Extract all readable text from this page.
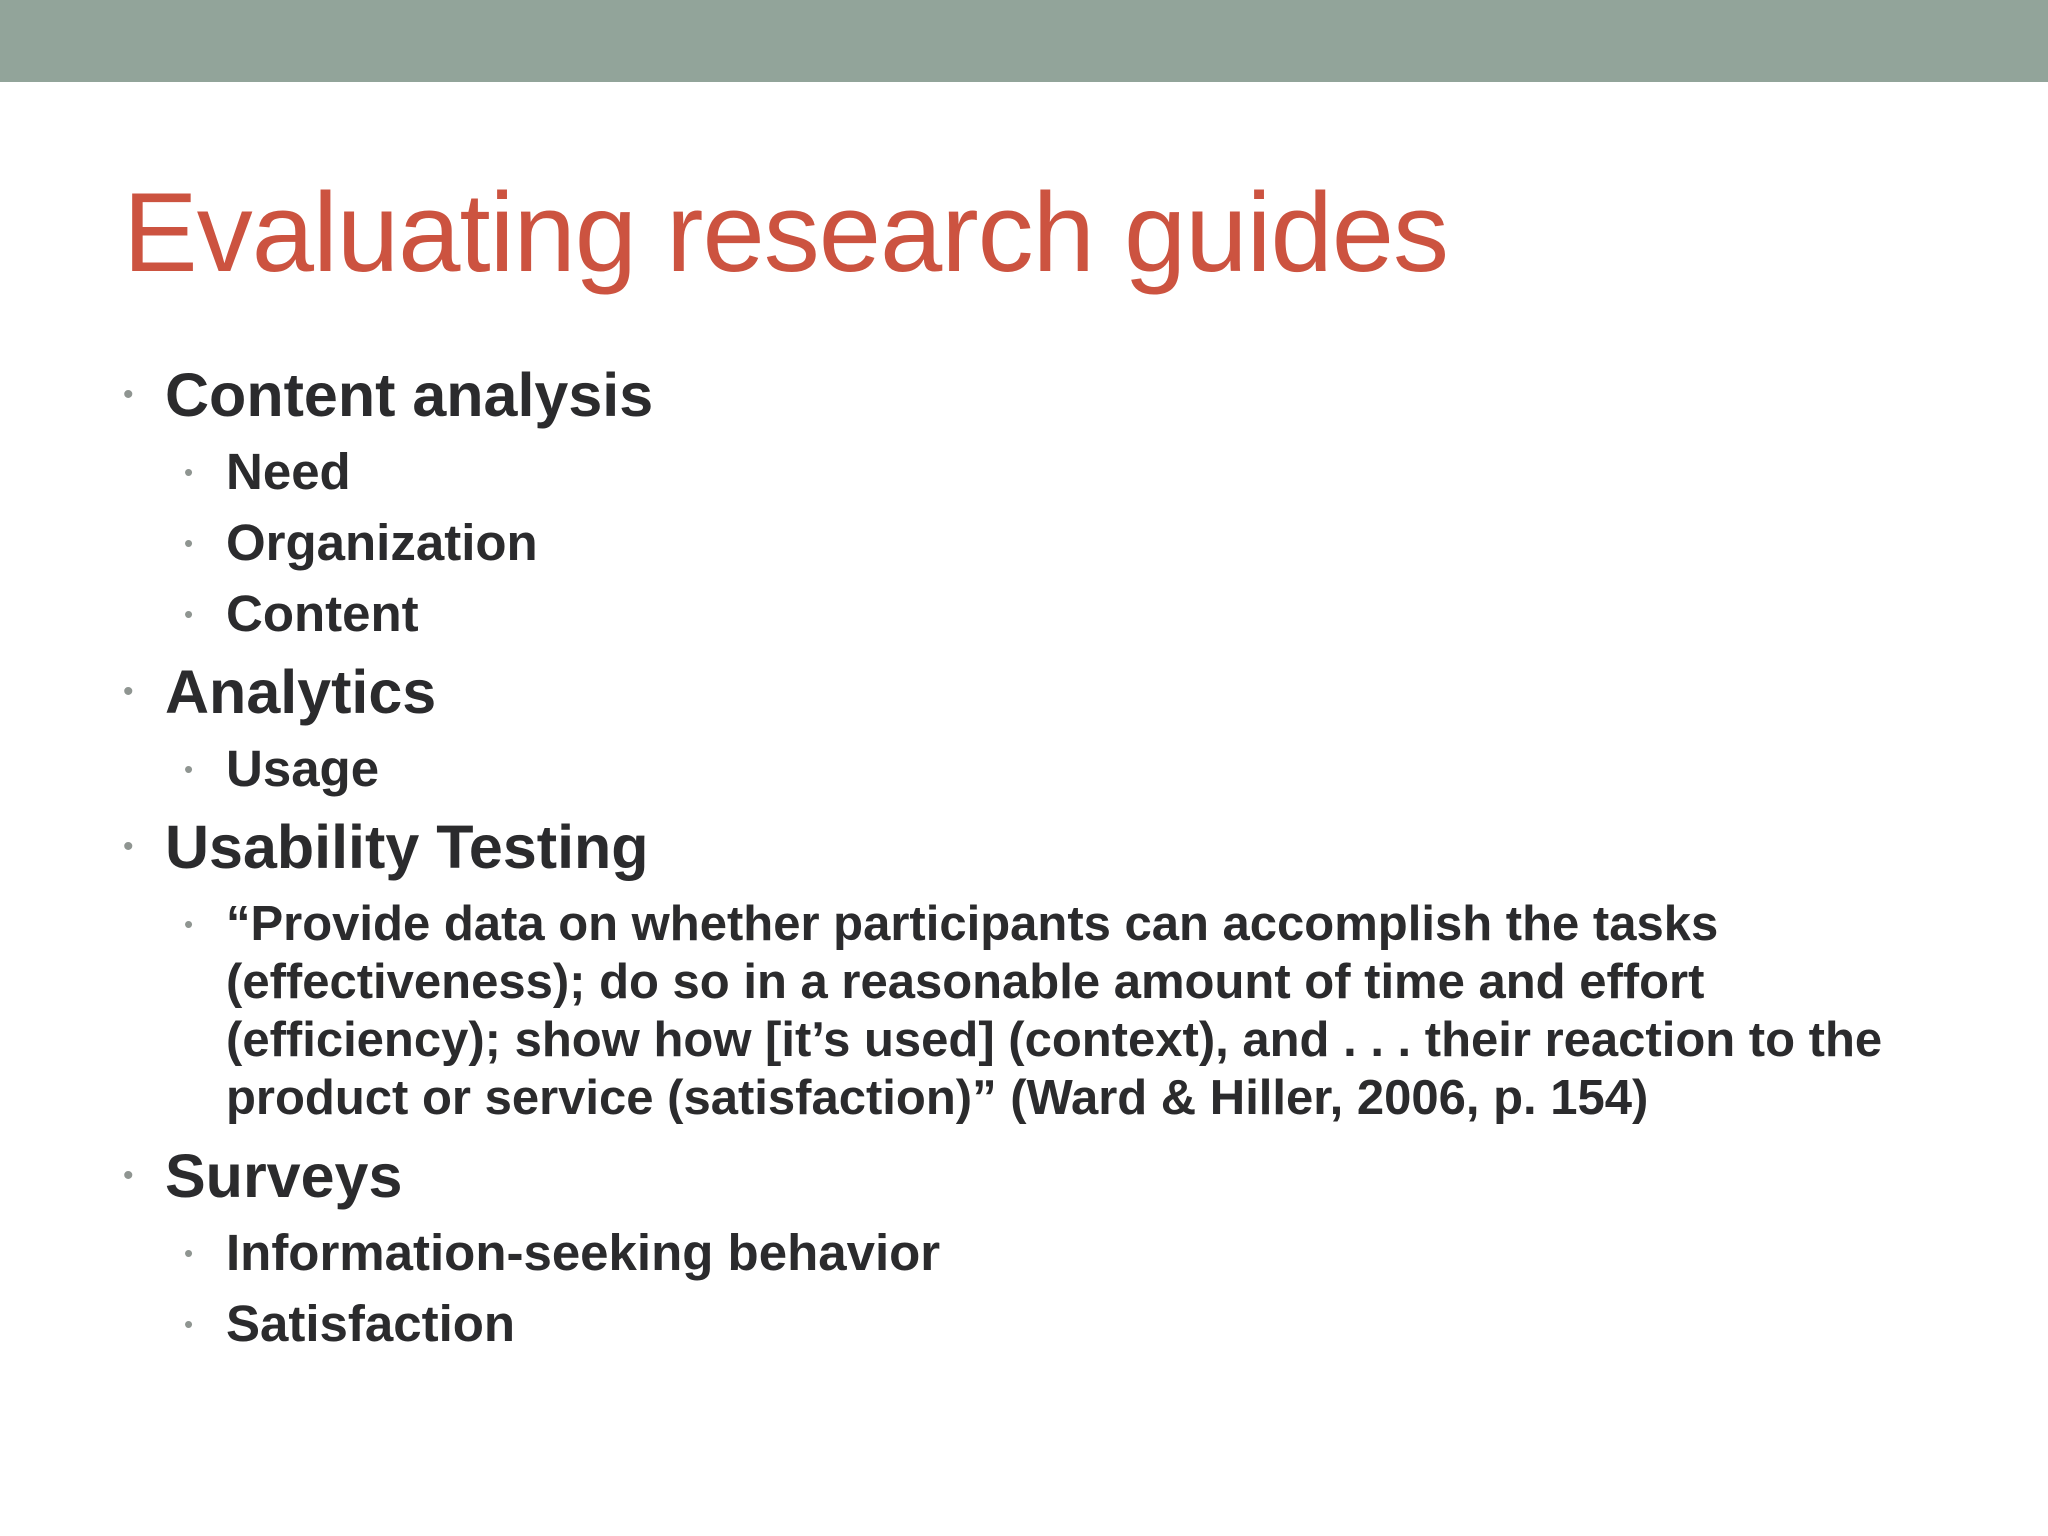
Evaluating research guides
• Content analysis
• Need
• Organization
• Content
• Analytics
• Usage
• Usability Testing
• “Provide data on whether participants can accomplish the tasks (effectiveness); do so in a reasonable amount of time and effort (efficiency); show how [it’s used] (context), and . . . their reaction to the product or service (satisfaction)” (Ward & Hiller, 2006, p. 154)
• Surveys
• Information-seeking behavior
• Satisfaction
